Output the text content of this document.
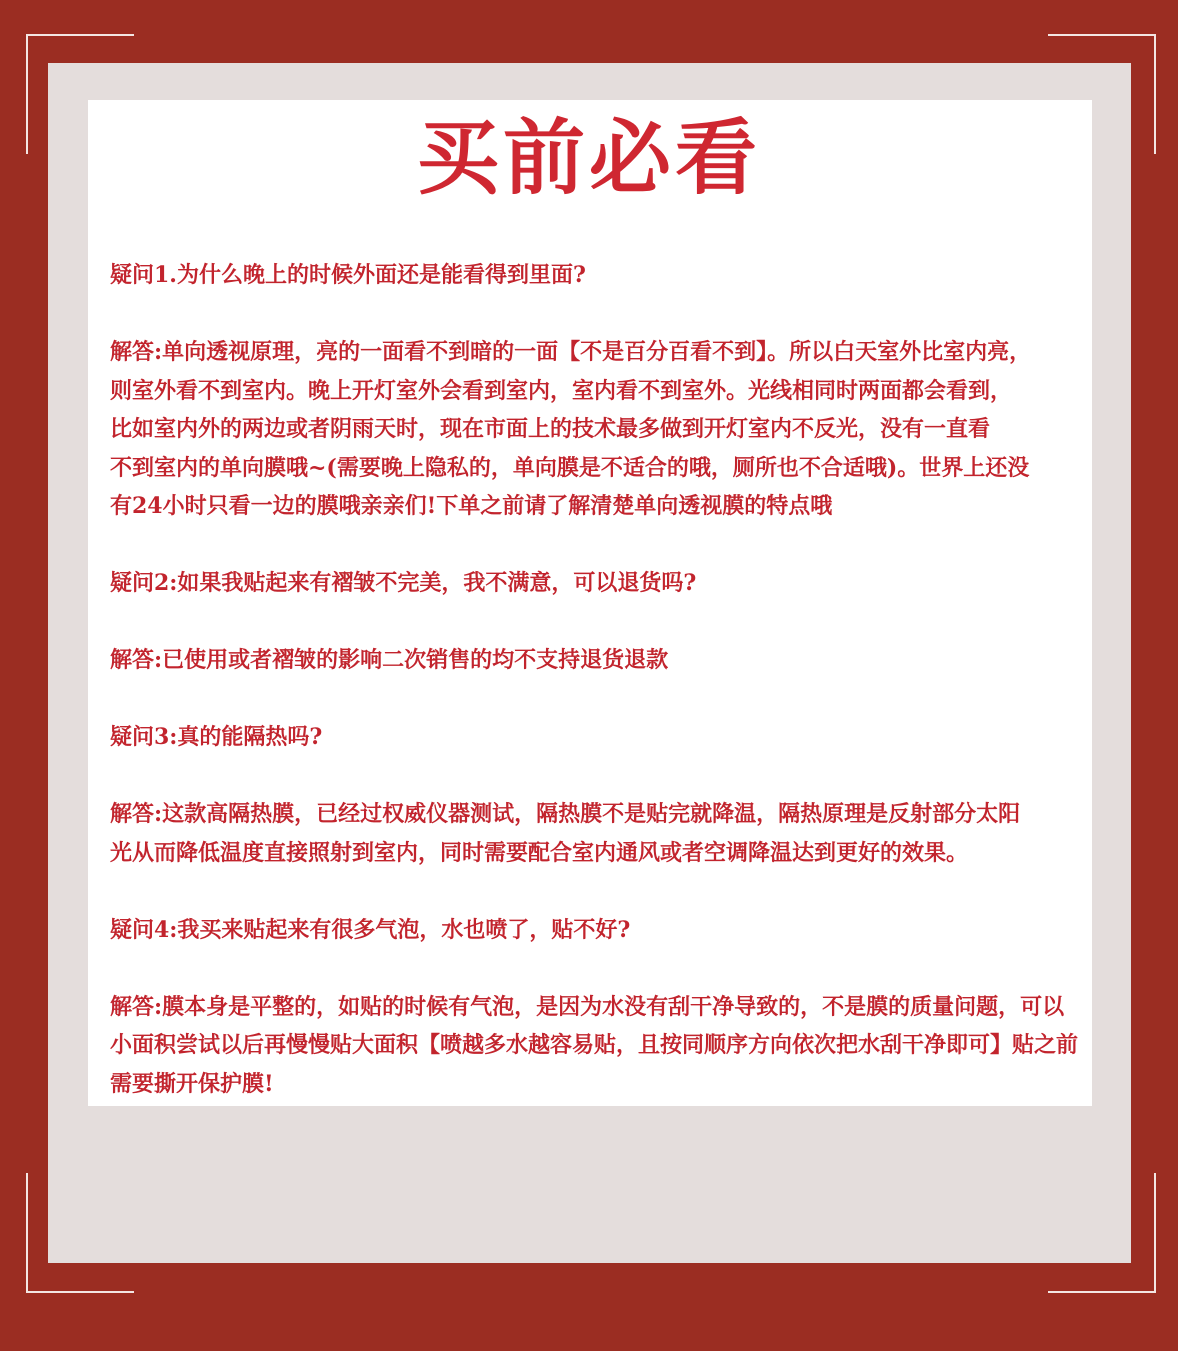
买前必看

疑问1.为什么晚上的时候外面还是能看得到里面?

解答:单向透视原理，亮的一面看不到暗的一面【不是百分百看不到】。所以白天室外比室内亮，

则室外看不到室内。晚上开灯室外会看到室内，室内看不到室外。光线相同时两面都会看到，

比如室内外的两边或者阴雨天时，现在市面上的技术最多做到开灯室内不反光，没有一直看

不到室内的单向膜哦~(需要晚上隐私的，单向膜是不适合的哦，厕所也不合适哦)。世界上还没

有24小时只看一边的膜哦亲亲们!下单之前请了解清楚单向透视膜的特点哦

疑问2:如果我贴起来有褶皱不完美，我不满意，可以退货吗?

解答:已使用或者褶皱的影响二次销售的均不支持退货退款

疑问3:真的能隔热吗?

解答:这款高隔热膜，已经过权威仪器测试，隔热膜不是贴完就降温，隔热原理是反射部分太阳

光从而降低温度直接照射到室内，同时需要配合室内通风或者空调降温达到更好的效果。

疑问4:我买来贴起来有很多气泡，水也喷了，贴不好?

解答:膜本身是平整的，如贴的时候有气泡，是因为水没有刮干净导致的，不是膜的质量问题，可以

小面积尝试以后再慢慢贴大面积【喷越多水越容易贴，且按同顺序方向依次把水刮干净即可】贴之前

需要撕开保护膜!
